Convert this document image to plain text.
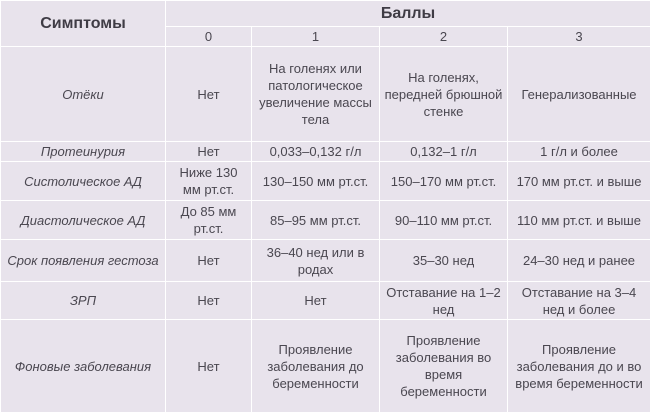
Симптомы	Баллы			
	0	1	2	3
Отёки	Нет	На голенях или патологическое увеличение массы тела	На голенях, передней брюшной стенке	Генерализованные
Протеинурия	Нет	0,033–0,132 г/л	0,132–1 г/л	1 г/л и более
Систолическое АД	Ниже 130 мм рт.ст.	130–150 мм рт.ст.	150–170 мм рт.ст.	170 мм рт.ст. и выше
Диастолическое АД	До 85 мм рт.ст.	85–95 мм рт.ст.	90–110 мм рт.ст.	110 мм рт.ст. и выше
Срок появления гестоза	Нет	36–40 нед или в родах	35–30 нед	24–30 нед и ранее
ЗРП	Нет	Нет	Отставание на 1–2 нед	Отставание на 3–4 нед и более
Фоновые заболевания	Нет	Проявление заболевания до беременности	Проявление заболевания во время беременности	Проявление заболевания до и во время беременности
